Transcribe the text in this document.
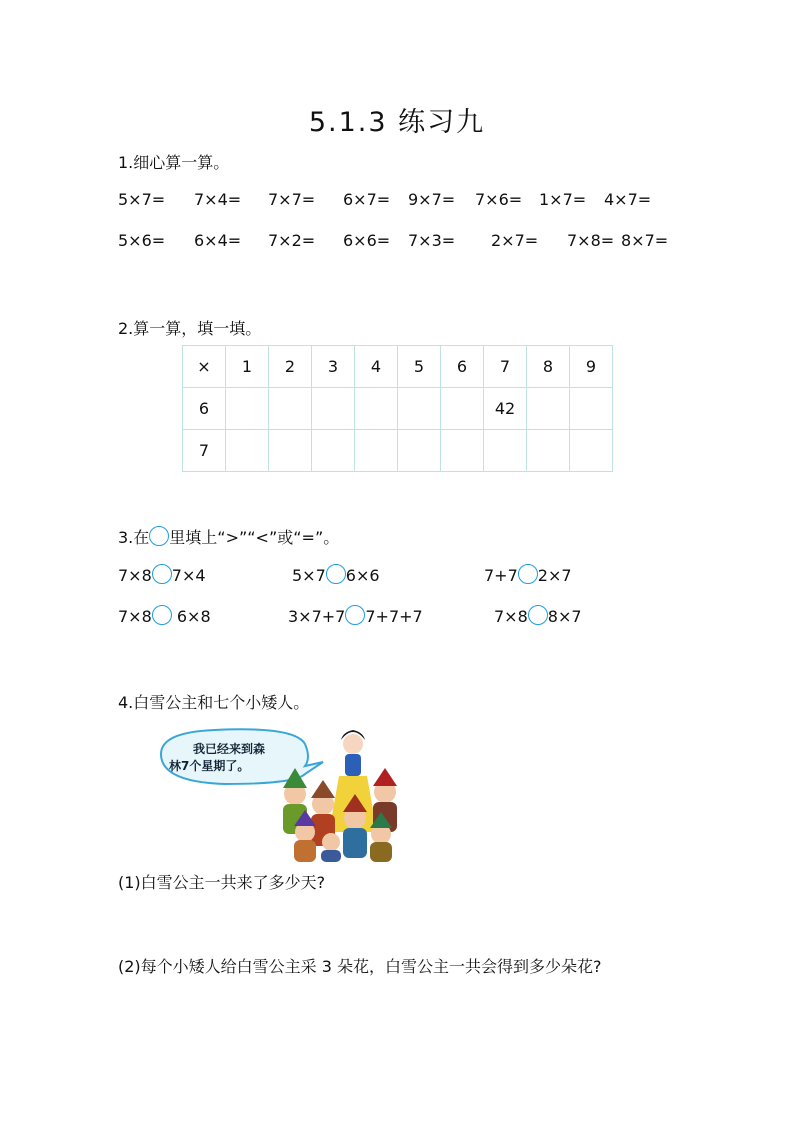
5.1.3 练习九
1.细心算一算。
5×7= 7×4= 7×7= 6×7= 9×7= 7×6= 1×7= 4×7=
5×6= 6×4= 7×2= 6×6= 7×3= 2×7= 7×8= 8×7=
2.算一算，填一填。
×	1	2	3	4	5	6	7	8	9
6							42		
7									
3.在 里填上“>”“<”或“=”。
7×8 7×4	5×7 6×6	7+7 2×7
7×8 6×8	3×7+7 7+7+7	7×8 8×7
4.白雪公主和七个小矮人。
我已经来到森
林7个星期了。
(1)白雪公主一共来了多少天?
(2)每个小矮人给白雪公主采 3 朵花，白雪公主一共会得到多少朵花?
